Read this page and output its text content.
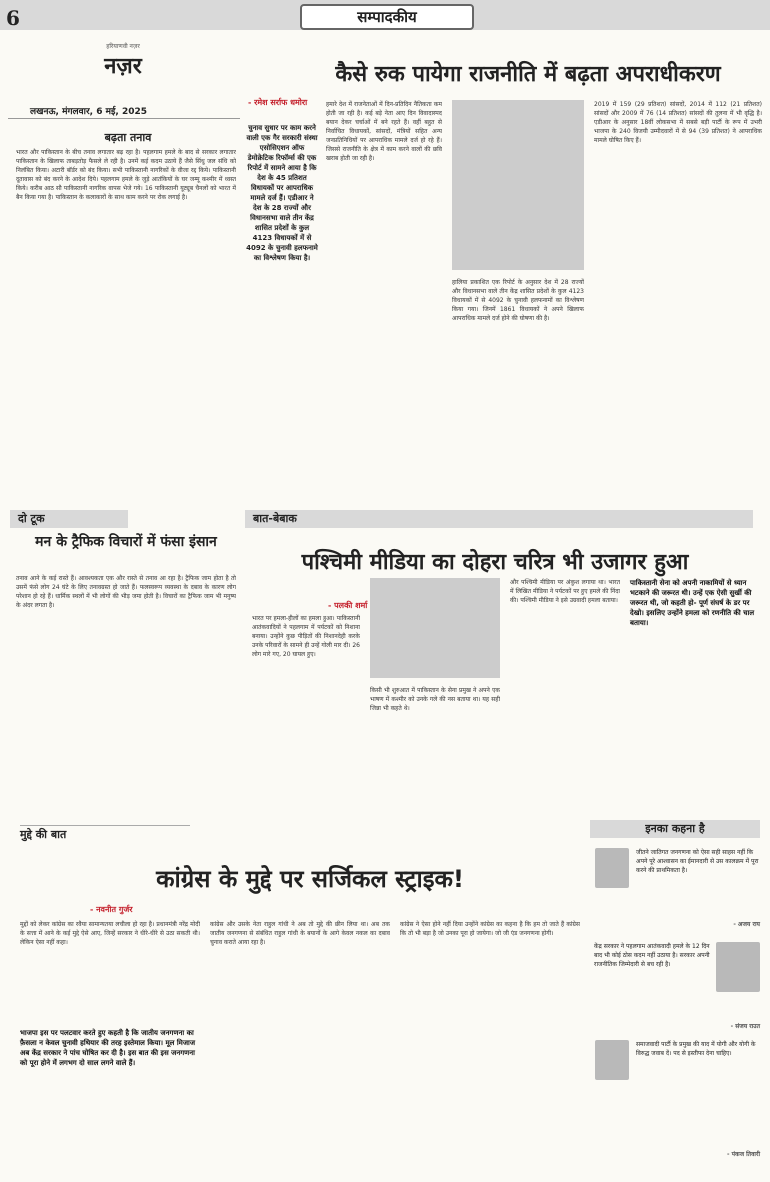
6	सम्पादकीय
हरियाणवी नज़र
नज़र
लखनऊ, मंगलवार, 6 मई, 2025
कैसे रुक पायेगा राजनीति में बढ़ता अपराधीकरण
- रमेश सर्राफ धमोरा
चुनाव सुधार पर काम करने वाली एक गैर सरकारी संस्था एसोसिएशन ऑफ डेमोक्रेटिक रिफॉर्म्स की एक रिपोर्ट में सामने आया है कि देश के 45 प्रतिशत विधायकों पर आपराधिक मामले दर्ज हैं। एडीआर ने देश के 28 राज्यों और विधानसभा वाले तीन केंद्र शासित प्रदेशों के कुल 4123 विधायकों में से 4092 के चुनावी हलफनामे का विश्लेषण किया है।
हमारे देश में राजनेताओं में दिन-प्रतिदिन नैतिकता कम होती जा रही है। कई बड़े नेता आए दिन विवादास्पद बयान देकर चर्चाओं में बने रहते हैं। वहीं बहुत से निर्वाचित विधायकों, सांसदों, मंत्रियों सहित अन्य जनप्रतिनिधियों पर आपराधिक मामले दर्ज हो रहे हैं। जिससे राजनीति के क्षेत्र में काम करने वालों की छवि खराब होती जा रही है।
हालिया प्रकाशित एक रिपोर्ट के अनुसार देश में 28 राज्यों और विधानसभा वाले तीन केंद्र शासित प्रदेशों के कुल 4123 विधायकों में से 4092 के चुनावी हलफनामों का विश्लेषण किया गया। जिनमें 1861 विधायकों ने अपने खिलाफ आपराधिक मामले दर्ज होने की घोषणा की है।
2019 में 159 (29 प्रतिशत) सांसदों, 2014 में 112 (21 प्रतिशत) सांसदों और 2009 में 76 (14 प्रतिशत) सांसदों की तुलना में भी वृद्धि है। एडीआर के अनुसार 18वीं लोकसभा में सबसे बड़ी पार्टी के रूप में उभरी भाजपा के 240 विजयी उम्मीदवारों में से 94 (39 प्रतिशत) ने आपराधिक मामले घोषित किए हैं।
बढ़ता तनाव
भारत और पाकिस्तान के बीच तनाव लगातार बढ़ रहा है। पहलगाम हमले के बाद से सरकार लगातार पाकिस्तान के खिलाफ ताबड़तोड़ फैसले ले रही है। उनमें कई कदम उठाये हैं जैसे सिंधु जल संधि को निलंबित किया। अटारी बॉर्डर को बंद किया। सभी पाकिस्तानी नागरिकों के वीजा रद्द किये। पाकिस्तानी दूतावास को बंद करने के आदेश दिये। पहलगाम हमले के जुड़े आतंकियों के घर जम्मू कश्मीर में ध्वस्त किये। करीब आठ सौ पाकिस्तानी नागरिक वापस भेजे गये। 16 पाकिस्तानी यूट्यूब चैनलों को भारत में बैन किया गया है। पाकिस्तान के कलाकारों के साथ काम करने पर रोक लगाई है।
दो टूक
मन के ट्रैफिक विचारों में फंसा इंसान
तनाव आने के कई रास्ते हैं। आवश्यकता एक और रास्ते से तनाव आ रहा है। ट्रैफिक जाम होता है तो उसमें फंसे लोग 24 घंटे के लिए तनावग्रस्त हो जाते हैं। फलस्वरूप व्यवस्था के दबाव के कारण लोग परेशान हो रहे हैं। धार्मिक स्थलों में भी लोगों की भीड़ जमा होती है। विचारों का ट्रैफिक जाम भी मनुष्य के अंदर लगता है।
बात-बेबाक
पश्चिमी मीडिया का दोहरा चरित्र भी उजागर हुआ
- पलकी शर्मा
भारत पर हमला-हीलों का हमला हुआ। पाकिस्तानी आतंकवादियों ने पहलगाम में पर्यटकों को निशाना बनाया। उन्होंने कुछ पीड़ितों की निशानदेही करके उनके परिवारों के सामने ही उन्हें गोली मार दी। 26 लोग मारे गए, 20 घायल हुए।
किसी भी शुरुआत में पाकिस्तान के सेना प्रमुख ने अपने एक भाषण में कश्मीर को उनके गले की नस बताया था। यह सही जिन्ना भी कहते थे।
और पश्चिमी मीडिया पर अंकुश लगाया था। भारत में लिखित मीडिया ने पर्यटकों पर हुए हमले की निंदा की। पश्चिमी मीडिया ने इसे उग्रवादी हमला बताया।
पाकिस्तानी सेना को अपनी नाकामियों से ध्यान भटकाने की जरूरत थी। उन्हें एक ऐसी सुर्खी की जरूरत थी, जो कहती हो- पूर्ण संघर्ष के डर पर देखो। इसलिए उन्होंने हमला को रणनीति की चाल बताया।
मुद्दे की बात
कांग्रेस के मुद्दे पर सर्जिकल स्ट्राइक!
- नवनीत गुर्जर
मुद्दों को लेकर कांग्रेस का रवैया सामान्यतया लचीला हो रहा है। प्रधानमंत्री नरेंद्र मोदी के सत्ता में आने के कई मुद्दे ऐसे आए, जिन्हें सरकार ने धीरे-धीरे से उठा सकती थी। लेकिन ऐसा नहीं कहा।
भाजपा इस पर पलटवार करते हुए कहती है कि जातीय जनगणना का फ़ैसला न केवल चुनावी हथियार की तरह इस्तेमाल किया। मूल मिजाज अब केंद्र सरकार ने पांच घोषित कर दी है। इस बात की इस जनगणना को पूरा होने में लगभग दो साल लगने वाले हैं।
कांग्रेस और उसके नेता राहुल गांधी ने अब तो मुद्दे की छीन लिया था। अब तक जातीय जनगणना से संबंधित राहुल गांधी के बयानों के आगे केवल नकल का दबाव चुनाव कराते आया रहा है।
कांग्रेस ने ऐसा होने नहीं दिया उन्होंने कांग्रेस का कहना है कि हम तो जाते हैं कांग्रेस कि तो भी बड़ा है जो उनका पूरा हो जायेगा। जो जी एंड जनगणना होगी।
इनका कहना है
जीतने जातिगत जनगणना को ऐसा सही साहस नहीं कि अपने पूरे आश्वासन का ईमानदारी से उस कालक्रम में पूरा करने की प्राथमिकता है।
- अजय राय
केंद्र सरकार ने पहलगाम आतंकवादी हमले के 12 दिन बाद भी कोई ठोस कदम नहीं उठाया है। सरकार अपनी राजनीतिक जिम्मेदारी से बच रही है।
- संजय राउत
समाजवादी पार्टी के प्रमुख की याद में योगी और योगी के विरुद्ध जवाब दें। पद से इस्तीफा देना चाहिए।
- पंकज तिवारी
